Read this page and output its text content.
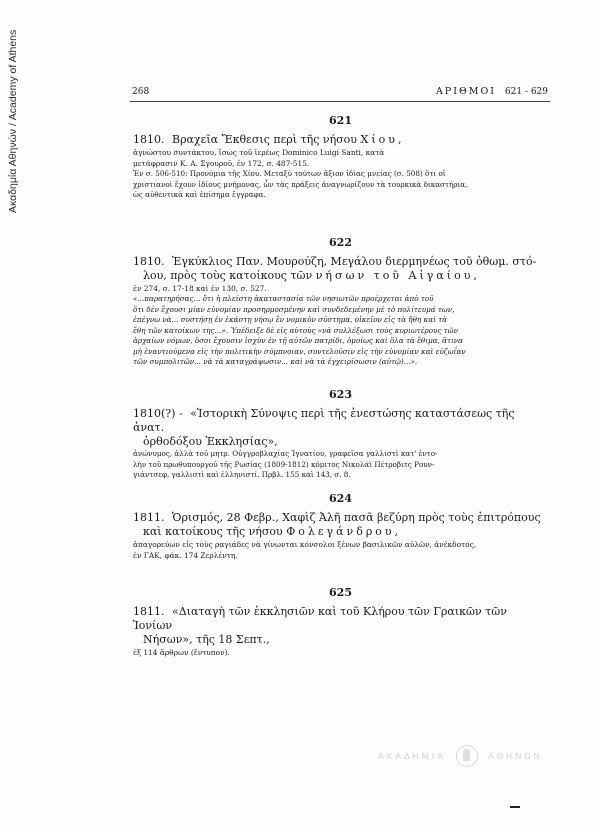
Ακαδημία Αθηνών / Academy of Athens	268	ΑΡΙΘΜΟΙ 621 - 629
621
1810. Βραχεῖα Ἔκθεσις περὶ τῆς νήσου Χίου,
ἀγνώστου συντάκτου, ἴσως τοῦ ἱερέως Dominico Luigi Santi, κατὰ
μετάφρασιν Κ. Α. Σγουροῦ, ἐν 172, σ. 487-515.
Ἐν σ. 506-510: Προνόμια τῆς Χίου. Μεταξὺ τούτων ἄξιον ἰδίας μνείας (σ. 508) ὅτι οἱ
χριστιανοὶ ἔχουν ἰδίους μνήμονας, ὧν τὰς πράξεις ἀναγνωρίζουν τὰ τουρκικὰ δικαστήρια,
ὡς αὐθεντικὰ καὶ ἐπίσημα ἔγγραφα.
622
1810. Ἐγκύκλιος Παν. Μουρούζη, Μεγάλου διερμηνέως τοῦ ὀθωμ. στό-
λου, πρὸς τοὺς κατοίκους τῶν νήσων τοῦ Αἰγαίου,
ἐν 274, σ. 17-18 καὶ ἐν 130, σ. 527.
«...παρατηρήσας... ὅτι ἡ πλείστη ἀκαταστασία τῶν νησιωτῶν προέρχεται ἀπὸ τοῦ
ὅτι δὲν ἔχουσι μίαν εὐνομίαν προσηρμοσμένην καὶ συνδεδεμένην μὲ τὸ πολίτευμά των,
ἐπέγνω νὰ... συστήσῃ ἐν ἑκάστῃ νήσῳ ἓν νομικὸν σύστημα, οἰκεῖον εἰς τὰ ἤθη καὶ τὰ
ἔθη τῶν κατοίκων της...». Ὑπέδειξε δὲ εἰς αὐτοὺς «νὰ συλλέξωσι τοὺς κυριωτέρους τῶν
ἀρχαίων νόμων, ὅσοι ἔχουσιν ἰσχὺν ἐν τῇ αὐτῶν πατρίδι, ὁμοίως καὶ ὅλα τὰ ἔθιμα, ἅτινα
μὴ ἐναντιούμενα εἰς τὴν πολιτικὴν σύμπνοιαν, συντελοῦσιν εἰς τὴν εὐνομίαν καὶ εὐζωΐαν
τῶν συμπολιτῶν... νὰ τὰ καταγράψωσιν... καὶ νὰ τὰ ἐγχειρίσωσιν (αὐτῷ)...».
623
1810(?) - «Ἱστορικὴ Σύνοψις περὶ τῆς ἐνεστώσης καταστάσεως τῆς ἀνατ.
ὀρθοδόξου Ἐκκλησίας»,
ἀνώνυμος, ἀλλὰ τοῦ μητρ. Οὐγγροβλαχίας Ἰγνατίου, γραφεῖσα γαλλιστὶ κατ' ἐντο-
λὴν τοῦ πρωθυπουργοῦ τῆς Ρωσίας (1809-1812) κόμιτος Νικολάϊ Πέτροβιτς Ρουν-
γιάντσεφ, γαλλιστὶ καὶ ἑλληνιστί. Πρβλ. 155 καὶ 143, σ. 8.
624
1811. Ὁρισμός, 28 Φεβρ., Χαφὶζ Ἀλῆ πασᾶ βεζύρη πρὸς τοὺς ἐπιτρόπους
καὶ κατοίκους τῆς νήσου Φολεγάνδρου,
ἀπαγορεύων εἰς τοὺς ραγιάδες νὰ γίνωνται κόνσολοι ξένων βασιλικῶν αὐλῶν, ἀνέκδοτος,
ἐν ΓΑΚ, φάκ. 174 Ζερλέντη.
625
1811. «Διαταγὴ τῶν ἐκκλησιῶν καὶ τοῦ Κλήρου τῶν Γραικῶν τῶν Ἰονίων
Νήσων», τῆς 18 Σεπτ.,
ἐξ 114 ἄρθρων (ἔντυπον).
ΑΚΑΔΗΜΙΑ	ΑΘΗΝΩΝ
